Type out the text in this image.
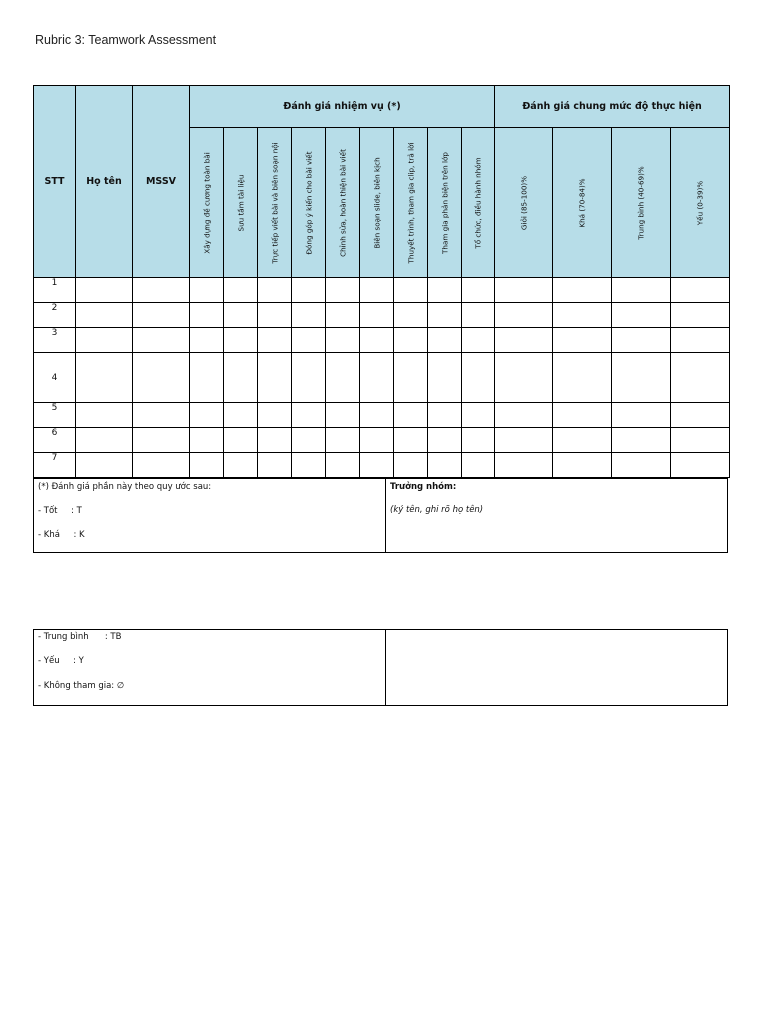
Rubric 3: Teamwork Assessment
STT	Họ tên	MSSV	Đánh giá nhiệm vụ (*)									Đánh giá chung mức độ thực hiện			

			Xây dựng đề cương toàn bài	Sưu tầm tài liệu	Trực tiếp viết bài và biên soạn nội	Đóng góp ý kiến cho bài viết	Chỉnh sửa, hoàn thiện bài viết	Biên soạn slide, biên kịch	Thuyết trình, tham gia clip, trả lời	Tham gia phản biện trên lớp	Tổ chức, điều hành nhóm	Giỏi (85-100)%	Khá (70-84)%	Trung bình (40-69)%	Yếu (0-39)%

1															
2															
3															
4															
5															
6															
7															
(*) Đánh giá phần này theo quy ước sau:
- Tốt     : T
- Khá     : K
Trưởng nhóm:
(ký tên, ghi rõ họ tên)
- Trung bình      : TB
- Yếu     : Y
- Không tham gia: ∅
